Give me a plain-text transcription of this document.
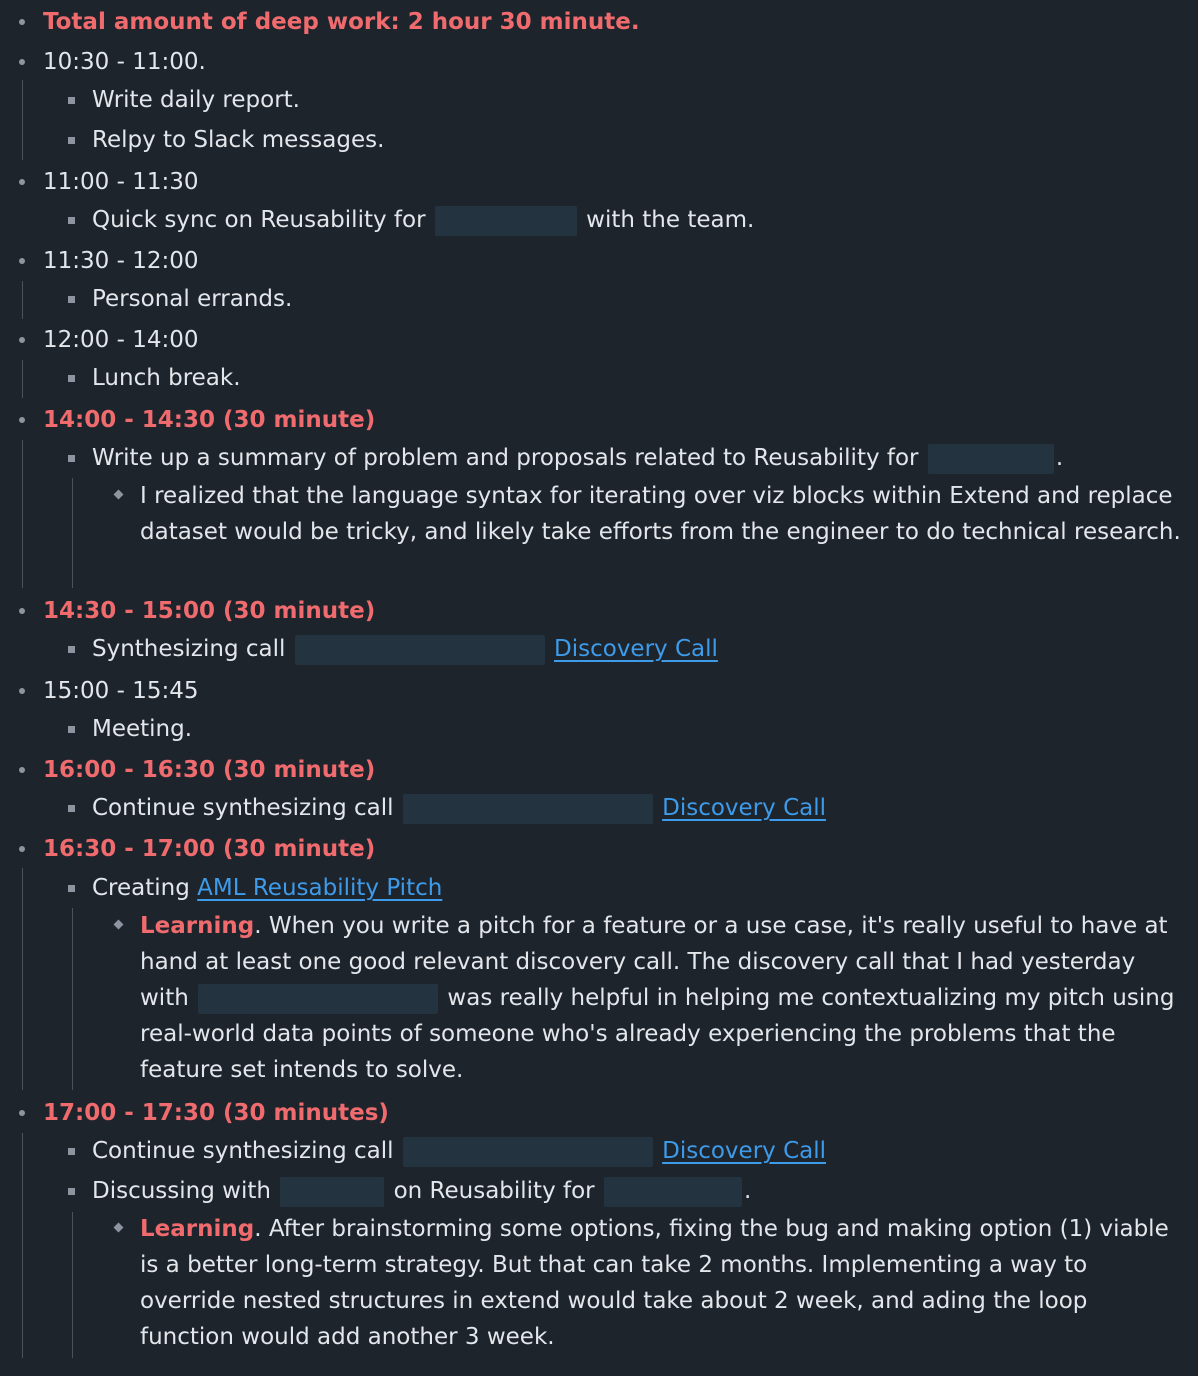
Total amount of deep work: 2 hour 30 minute.
10:30 - 11:00.
Write daily report.
Relpy to Slack messages.
11:00 - 11:30
Quick sync on Reusability for	with the team.
11:30 - 12:00
Personal errands.
12:00 - 14:00
Lunch break.
14:00 - 14:30 (30 minute)
Write up a summary of problem and proposals related to Reusability for	.
I realized that the language syntax for iterating over viz blocks within Extend and replace dataset would be tricky, and likely take efforts from the engineer to do technical research.
14:30 - 15:00 (30 minute)
Synthesizing call	Discovery Call
15:00 - 15:45
Meeting.
16:00 - 16:30 (30 minute)
Continue synthesizing call	Discovery Call
16:30 - 17:00 (30 minute)
Creating AML Reusability Pitch
Learning. When you write a pitch for a feature or a use case, it's really useful to have at hand at least one good relevant discovery call. The discovery call that I had yesterday with	was really helpful in helping me contextualizing my pitch using real-world data points of someone who's already experiencing the problems that the feature set intends to solve.
17:00 - 17:30 (30 minutes)
Continue synthesizing call	Discovery Call
Discussing with	on Reusability for	.
Learning. After brainstorming some options, fixing the bug and making option (1) viable is a better long-term strategy. But that can take 2 months. Implementing a way to override nested structures in extend would take about 2 week, and ading the loop function would add another 3 week.
